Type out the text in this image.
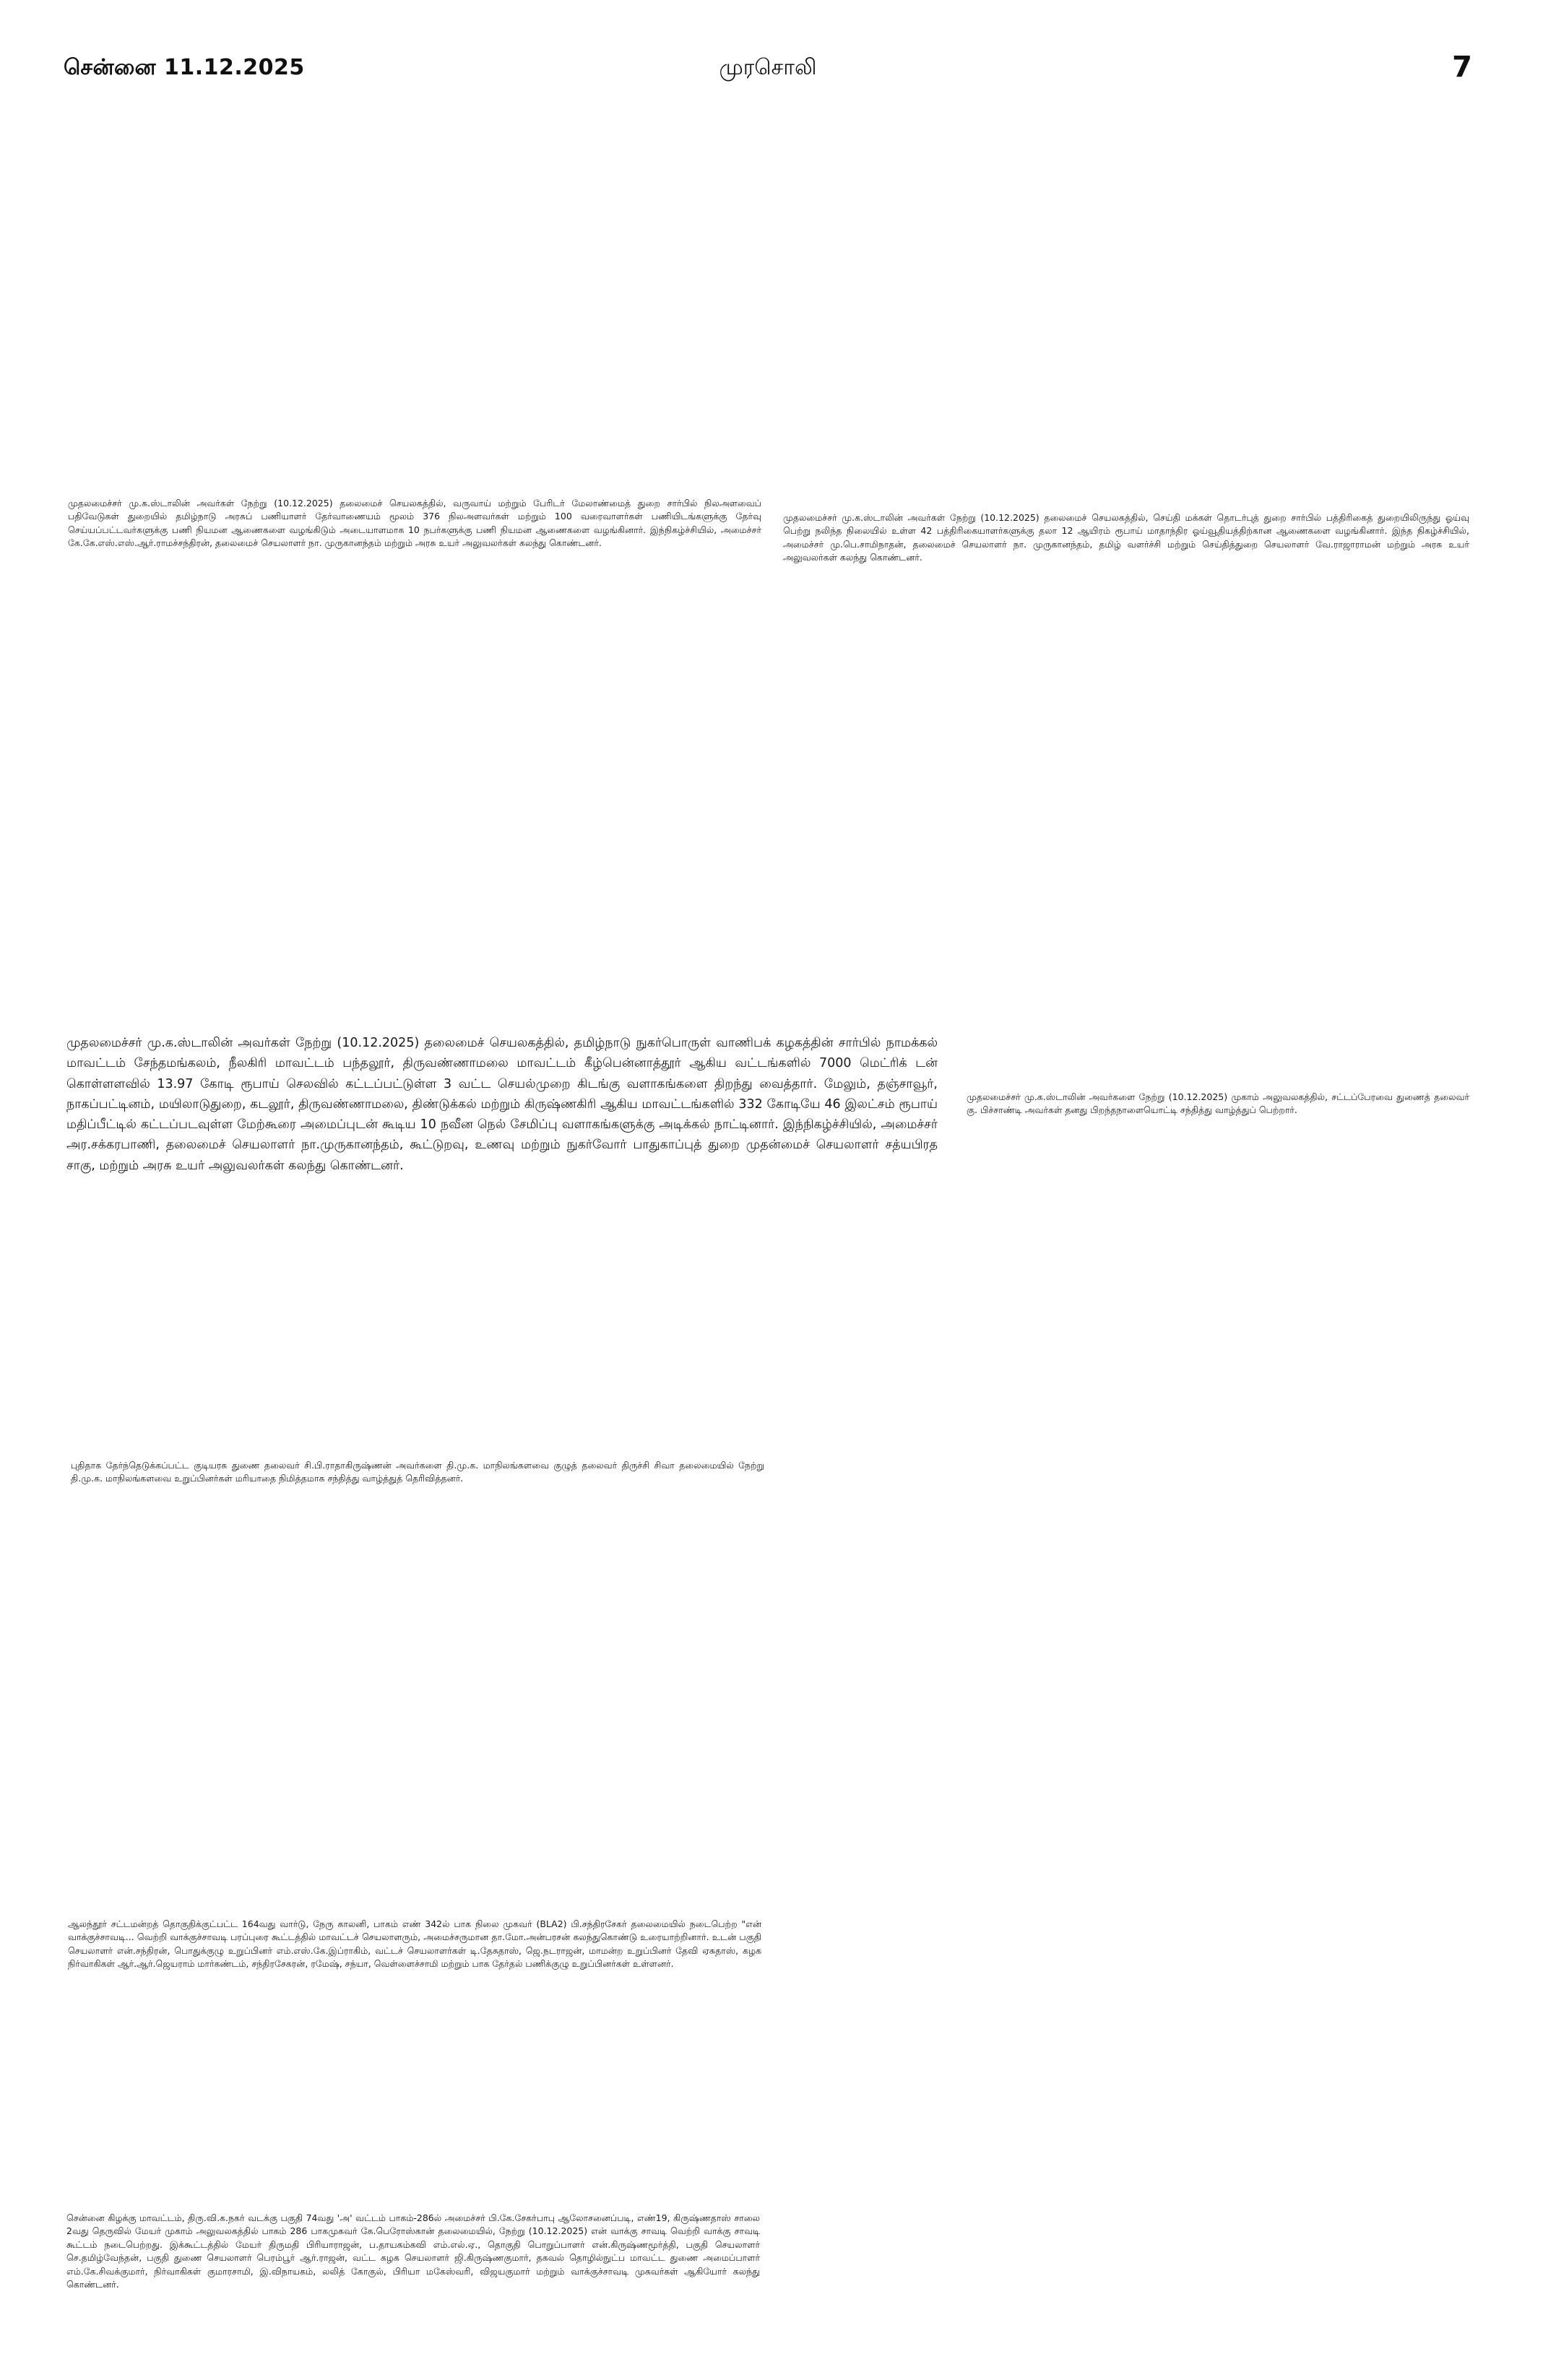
சென்னை 11.12.2025	முரசொலி	7

முதலமைச்சர் மு.க.ஸ்டாலின் அவர்கள் நேற்று (10.12.2025) தலைமைச் செயலகத்தில், வருவாய் மற்றும் பேரிடர் மேலாண்மைத் துறை சார்பில் நிலஅளவைப் பதிவேடுகள் துறையில் தமிழ்நாடு அரசுப் பணியாளர் தேர்வாணையம் மூலம் 376 நிலஅளவர்கள் மற்றும் 100 வரைவாளர்கள் பணியிடங்களுக்கு தேர்வு செய்யப்பட்டவர்களுக்கு பணி நியமன ஆணைகளை வழங்கிடும் அடையாளமாக 10 நபர்களுக்கு பணி நியமன ஆணைகளை வழங்கினார். இந்நிகழ்ச்சியில், அமைச்சர் கே.கே.எஸ்.எஸ்.ஆர்.ராமச்சந்திரன், தலைமைச் செயலாளர் நா. முருகானந்தம் மற்றும் அரசு உயர் அலுவலர்கள் கலந்து கொண்டனர்.

முதலமைச்சர் மு.க.ஸ்டாலின் அவர்கள் நேற்று (10.12.2025) தலைமைச் செயலகத்தில், செய்தி மக்கள் தொடர்புத் துறை சார்பில் பத்திரிகைத் துறையிலிருந்து ஓய்வு பெற்று நலிந்த நிலையில் உள்ள 42 பத்திரிகையாளர்களுக்கு தலா 12 ஆயிரம் ரூபாய் மாதாந்திர ஓய்வூதியத்திற்கான ஆணைகளை வழங்கினார். இந்த நிகழ்ச்சியில், அமைச்சர் மு.பெ.சாமிநாதன், தலைமைச் செயலாளர் நா. முருகானந்தம், தமிழ் வளர்ச்சி மற்றும் செய்தித்துறை செயலாளர் வே.ராஜாராமன் மற்றும் அரசு உயர் அலுவலர்கள் கலந்து கொண்டனர்.

முதலமைச்சர் மு.க.ஸ்டாலின் அவர்கள் நேற்று (10.12.2025) தலைமைச் செயலகத்தில், தமிழ்நாடு நுகர்பொருள் வாணிபக் கழகத்தின் சார்பில் நாமக்கல் மாவட்டம் சேந்தமங்கலம், நீலகிரி மாவட்டம் பந்தலூர், திருவண்ணாமலை மாவட்டம் கீழ்பென்னாத்தூர் ஆகிய வட்டங்களில் 7000 மெட்ரிக் டன் கொள்ளளவில் 13.97 கோடி ரூபாய் செலவில் கட்டப்பட்டுள்ள 3 வட்ட செயல்முறை கிடங்கு வளாகங்களை திறந்து வைத்தார். மேலும், தஞ்சாவூர், நாகப்பட்டினம், மயிலாடுதுறை, கடலூர், திருவண்ணாமலை, திண்டுக்கல் மற்றும் கிருஷ்ணகிரி ஆகிய மாவட்டங்களில் 332 கோடியே 46 இலட்சம் ரூபாய் மதிப்பீட்டில் கட்டப்படவுள்ள மேற்கூரை அமைப்புடன் கூடிய 10 நவீன நெல் சேமிப்பு வளாகங்களுக்கு அடிக்கல் நாட்டினார். இந்நிகழ்ச்சியில், அமைச்சர் அர.சக்கரபாணி, தலைமைச் செயலாளர் நா.முருகானந்தம், கூட்டுறவு, உணவு மற்றும் நுகர்வோர் பாதுகாப்புத் துறை முதன்மைச் செயலாளர் சத்யபிரத சாகு, மற்றும் அரசு உயர் அலுவலர்கள் கலந்து கொண்டனர்.

முதலமைச்சர் மு.க.ஸ்டாலின் அவர்களை நேற்று (10.12.2025) முகாம் அலுவலகத்தில், சட்டப்பேரவை துணைத் தலைவர் கு. பிச்சாண்டி அவர்கள் தனது பிறந்தநாளையொட்டி சந்தித்து வாழ்த்துப் பெற்றார்.

புதிதாக தேர்ந்தெடுக்கப்பட்ட குடியரசு துணை தலைவர் சி.பி.ராதாகிருஷ்ணன் அவர்களை தி.மு.க. மாநிலங்களவை குழுத் தலைவர் திருச்சி சிவா தலைமையில் நேற்று தி.மு.க. மாநிலங்களவை உறுப்பினர்கள் மரியாதை நிமித்தமாக சந்தித்து வாழ்த்துத் தெரிவித்தனர்.

ஆலந்தூர் சட்டமன்றத் தொகுதிக்குட்பட்ட 164வது வார்டு, நேரு காலனி, பாகம் எண் 342ல் பாக நிலை முகவர் (BLA2) பி.சந்திரசேகர் தலைமையில் நடைபெற்ற "என் வாக்குச்சாவடி... வெற்றி வாக்குச்சாவடி பரப்புரை கூட்டத்தில் மாவட்டச் செயலாளரும், அமைச்சருமான தா.மோ.அன்பரசன் கலந்துகொண்டு உரையாற்றினார். உடன் பகுதி செயலாளர் என்.சந்திரன், பொதுக்குழு உறுப்பினர் எம்.எஸ்.கே.இப்ராகிம், வட்டச் செயலாளர்கள் டி.தேசுதாஸ், ஜெ.நடராஜன், மாமன்ற உறுப்பினர் தேவி ஏசுதாஸ், கழக நிர்வாகிகள் ஆர்.ஆர்.ஜெயராம் மார்கண்டம், சந்திரசேகரன், ரமேஷ், சந்யா, வெள்ளைச்சாமி மற்றும் பாக தேர்தல் பணிக்குழு உறுப்பினர்கள் உள்ளனர்.

சென்னை கிழக்கு மாவட்டம், திரு.வி.க.நகர் வடக்கு பகுதி 74வது 'அ' வட்டம் பாகம்-286ல் அமைச்சர் பி.கே.சேகர்பாபு ஆலோசனைப்படி, எண்19, கிருஷ்ணதாஸ் சாலை 2வது தெருவில் மேயர் முகாம் அலுவலகத்தில் பாகம் 286 பாகமுகவர் கே.பெரோஸ்கான் தலைமையில், நேற்று (10.12.2025) என் வாக்கு சாவடி வெற்றி வாக்கு சாவடி கூட்டம் நடைபெற்றது. இக்கூட்டத்தில் மேயர் திருமதி பிரியாராஜன், ப.தாயகம்கவி எம்.எல்.ஏ., தொகுதி பொறுப்பாளர் என்.கிருஷ்ணமூர்த்தி, பகுதி செயலாளர் செ.தமிழ்வேந்தன், பகுதி துணை செயலாளர் பெரம்பூர் ஆர்.ராஜன், வட்ட கழக செயலாளர் ஜி.கிருஷ்ணகுமார், தகவல் தொழில்நுட்ப மாவட்ட துணை அமைப்பாளர் எம்.கே.சிவக்குமார், நிர்வாகிகள் குமாரசாமி, இ.விநாயகம், லலித் கோகுல், பிரியா மகேஸ்வரி, விஜயகுமார் மற்றும் வாக்குச்சாவடி முகவர்கள் ஆகியோர் கலந்து கொண்டனர்.
